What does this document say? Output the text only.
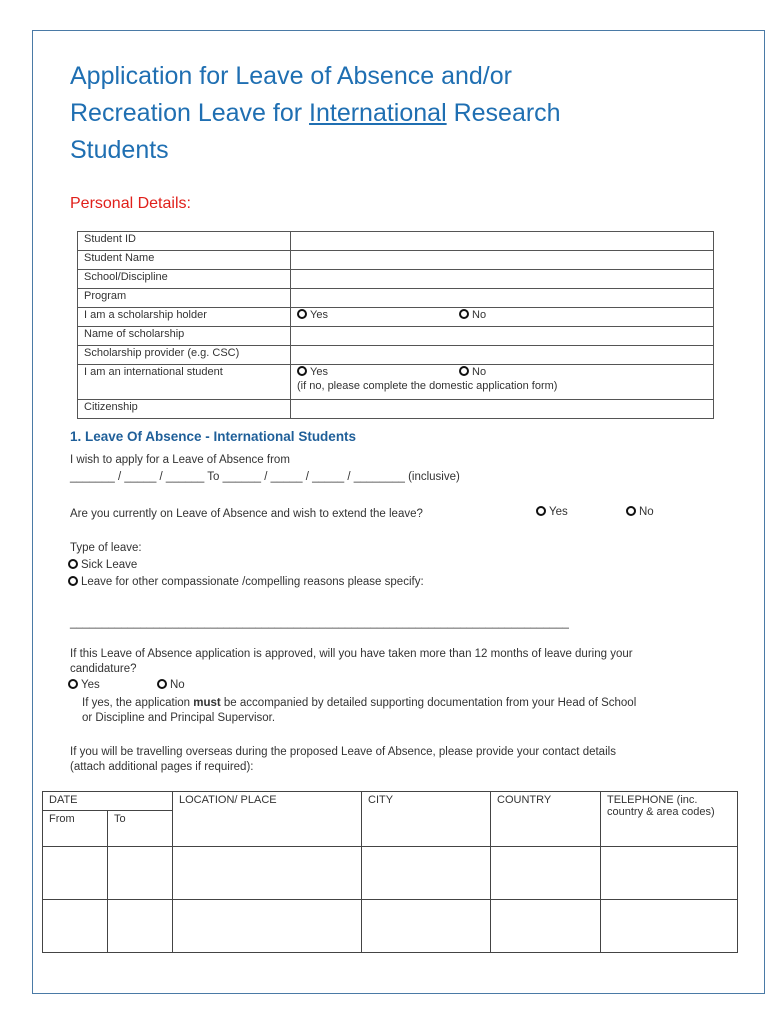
Application for Leave of Absence and/or
Recreation Leave for International Research
Students
Personal Details:
Student ID	
Student Name	
School/Discipline	
Program	
I am a scholarship holder	Yes No
Name of scholarship	
Scholarship provider (e.g. CSC)	
I am an international student	Yes No
(if no, please complete the domestic application form)

Citizenship	
1. Leave Of Absence - International Students
I wish to apply for a Leave of Absence from
_______ / _____ / ______ To ______ / _____ / _____ / ________ (inclusive)
Are you currently on Leave of Absence and wish to extend the leave?	Yes	No
Type of leave:
Sick Leave
Leave for other compassionate /compelling reasons please specify:
______________________________________________________________________________
If this Leave of Absence application is approved, will you have taken more than 12 months of leave during your
candidature?
Yes	No
If yes, the application must be accompanied by detailed supporting documentation from your Head of School
or Discipline and Principal Supervisor.
If you will be travelling overseas during the proposed Leave of Absence, please provide your contact details
(attach additional pages if required):
DATE		LOCATION/ PLACE	CITY	COUNTRY	TELEPHONE (inc. country & area codes)
From	To				
